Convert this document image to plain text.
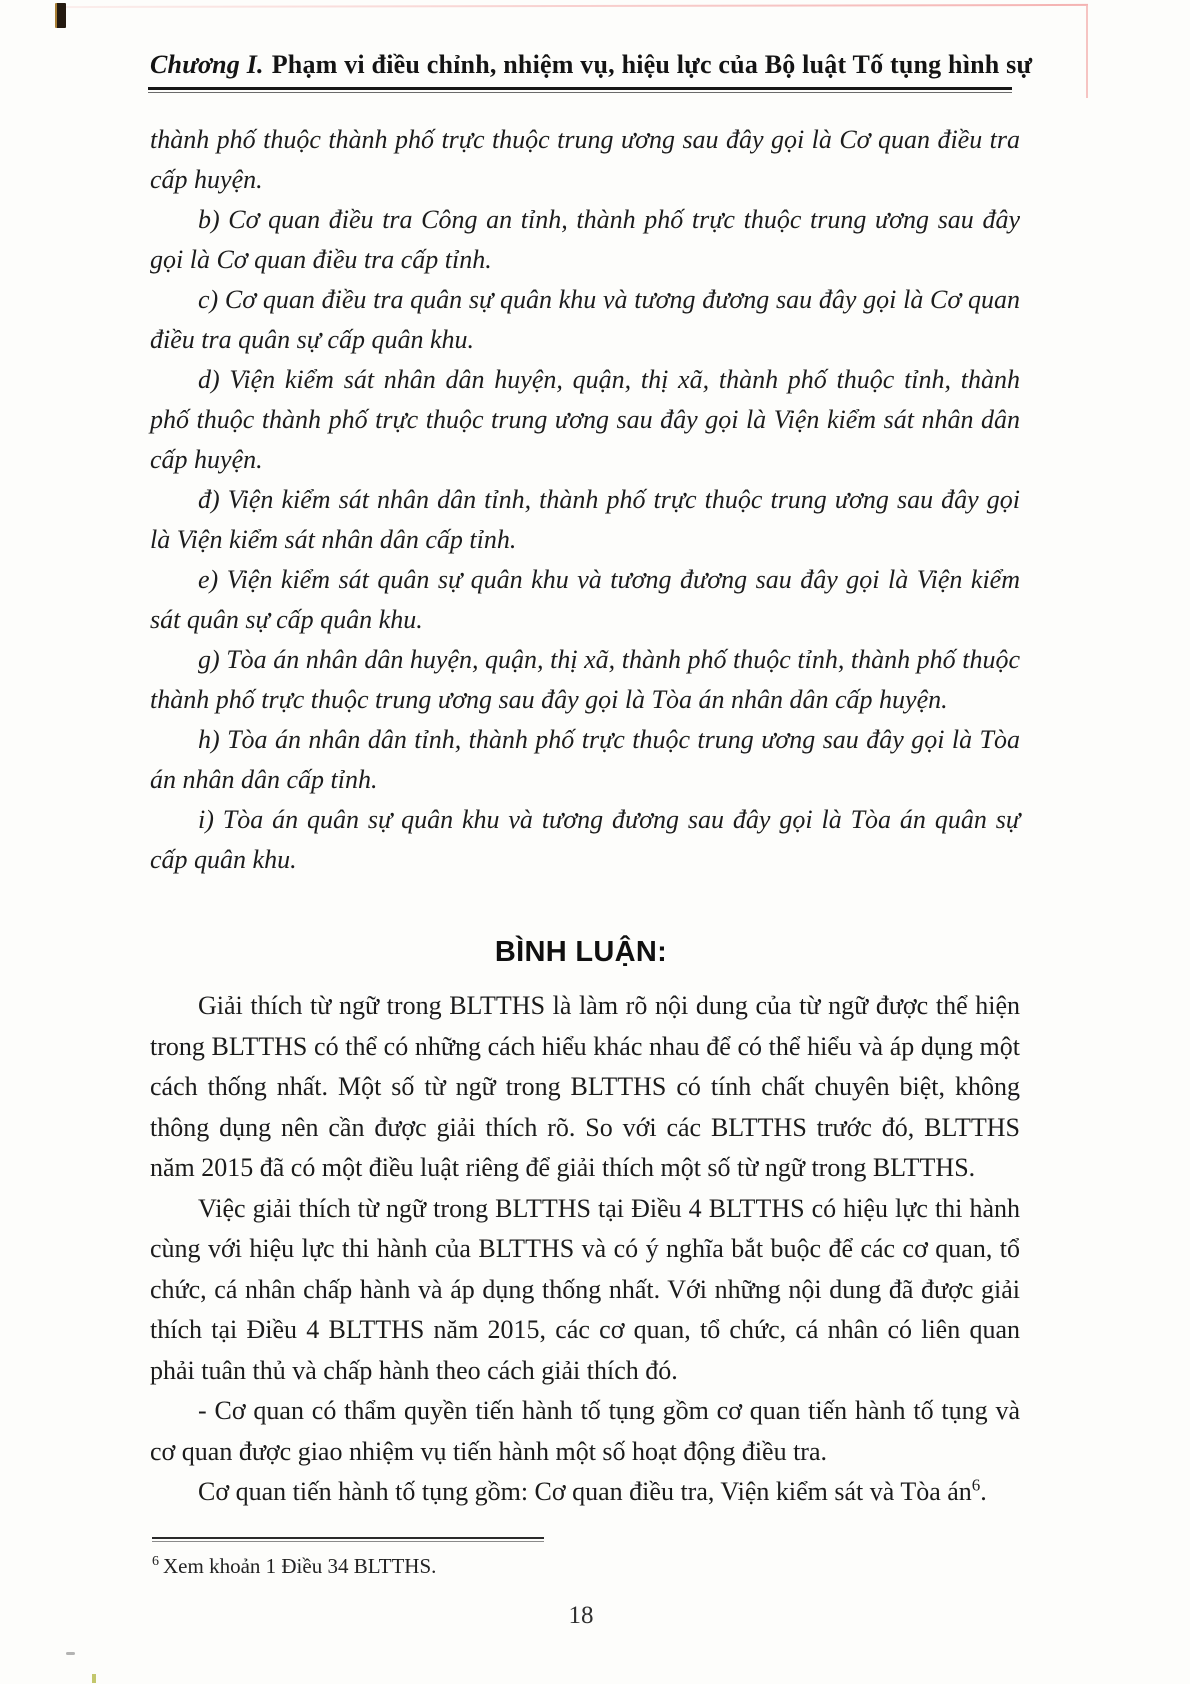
Chương I. Phạm vi điều chỉnh, nhiệm vụ, hiệu lực của Bộ luật Tố tụng hình sự

thành phố thuộc thành phố trực thuộc trung ương sau đây gọi là Cơ quan điều tra cấp huyện.

b) Cơ quan điều tra Công an tỉnh, thành phố trực thuộc trung ương sau đây gọi là Cơ quan điều tra cấp tỉnh.

c) Cơ quan điều tra quân sự quân khu và tương đương sau đây gọi là Cơ quan điều tra quân sự cấp quân khu.

d) Viện kiểm sát nhân dân huyện, quận, thị xã, thành phố thuộc tỉnh, thành phố thuộc thành phố trực thuộc trung ương sau đây gọi là Viện kiểm sát nhân dân cấp huyện.

đ) Viện kiểm sát nhân dân tỉnh, thành phố trực thuộc trung ương sau đây gọi là Viện kiểm sát nhân dân cấp tỉnh.

e) Viện kiểm sát quân sự quân khu và tương đương sau đây gọi là Viện kiểm sát quân sự cấp quân khu.

g) Tòa án nhân dân huyện, quận, thị xã, thành phố thuộc tỉnh, thành phố thuộc thành phố trực thuộc trung ương sau đây gọi là Tòa án nhân dân cấp huyện.

h) Tòa án nhân dân tỉnh, thành phố trực thuộc trung ương sau đây gọi là Tòa án nhân dân cấp tỉnh.

i) Tòa án quân sự quân khu và tương đương sau đây gọi là Tòa án quân sự cấp quân khu.

BÌNH LUẬN:

Giải thích từ ngữ trong BLTTHS là làm rõ nội dung của từ ngữ được thể hiện trong BLTTHS có thể có những cách hiểu khác nhau để có thể hiểu và áp dụng một cách thống nhất. Một số từ ngữ trong BLTTHS có tính chất chuyên biệt, không thông dụng nên cần được giải thích rõ. So với các BLTTHS trước đó, BLTTHS năm 2015 đã có một điều luật riêng để giải thích một số từ ngữ trong BLTTHS.

Việc giải thích từ ngữ trong BLTTHS tại Điều 4 BLTTHS có hiệu lực thi hành cùng với hiệu lực thi hành của BLTTHS và có ý nghĩa bắt buộc để các cơ quan, tổ chức, cá nhân chấp hành và áp dụng thống nhất. Với những nội dung đã được giải thích tại Điều 4 BLTTHS năm 2015, các cơ quan, tổ chức, cá nhân có liên quan phải tuân thủ và chấp hành theo cách giải thích đó.

- Cơ quan có thẩm quyền tiến hành tố tụng gồm cơ quan tiến hành tố tụng và cơ quan được giao nhiệm vụ tiến hành một số hoạt động điều tra.

Cơ quan tiến hành tố tụng gồm: Cơ quan điều tra, Viện kiểm sát và Tòa $án^6$.

$^6$ Xem khoản 1 Điều 34 BLTTHS.
18
